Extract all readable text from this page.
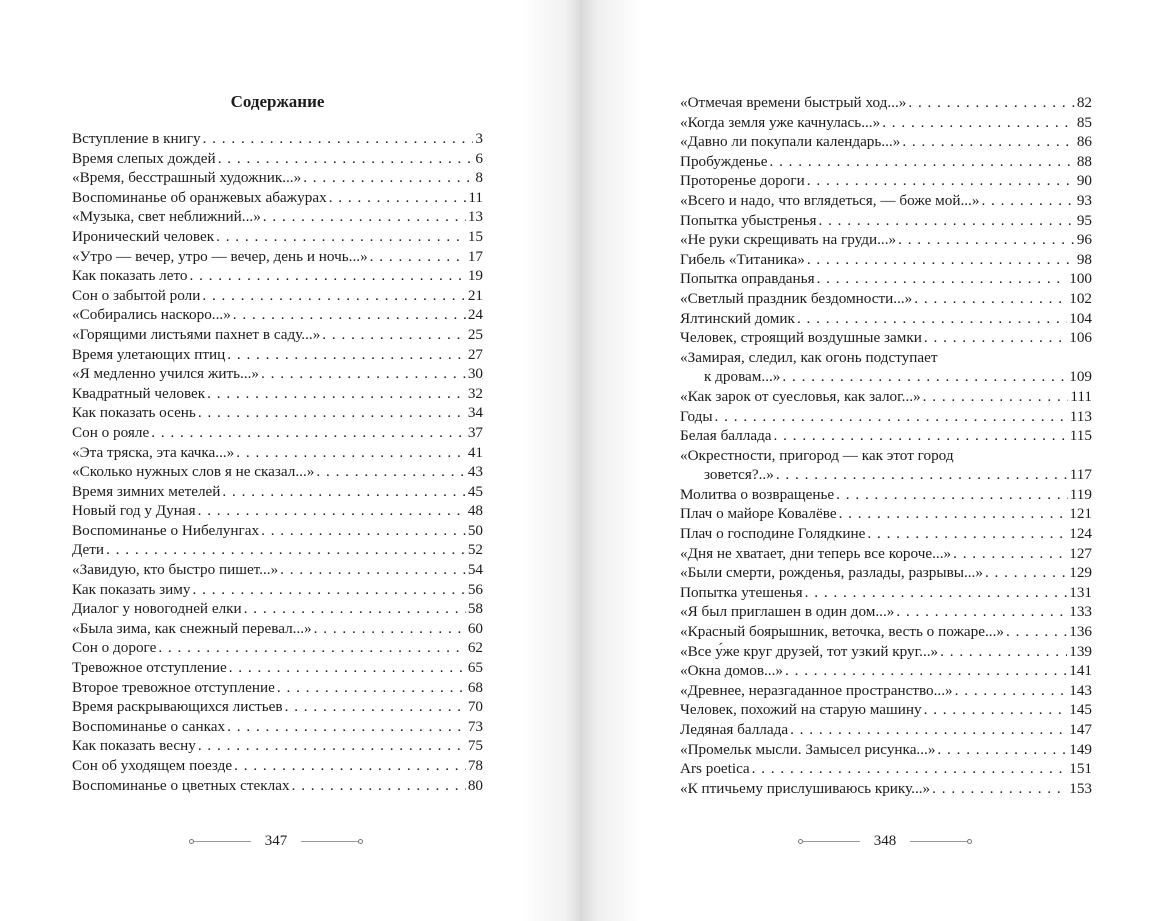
Содержание
Вступление в книгу . . .	3
Время слепых дождей . . .	6
«Время, бесстрашный художник...» . . .	8
Воспоминанье об оранжевых абажурах . . .	11
«Музыка, свет неближний...» . . .	13
Иронический человек . . .	15
«Утро — вечер, утро — вечер, день и ночь...» . . .	17
Как показать лето . . .	19
Сон о забытой роли . . .	21
«Собирались наскоро...» . . .	24
«Горящими листьями пахнет в саду...» . . .	25
Время улетающих птиц . . .	27
«Я медленно учился жить...» . . .	30
Квадратный человек . . .	32
Как показать осень . . .	34
Сон о рояле . . .	37
«Эта тряска, эта качка...» . . .	41
«Сколько нужных слов я не сказал...» . . .	43
Время зимних метелей . . .	45
Новый год у Дуная . . .	48
Воспоминанье о Нибелунгах . . .	50
Дети . . .	52
«Завидую, кто быстро пишет...» . . .	54
Как показать зиму . . .	56
Диалог у новогодней елки . . .	58
«Была зима, как снежный перевал...» . . .	60
Сон о дороге . . .	62
Тревожное отступление . . .	65
Второе тревожное отступление . . .	68
Время раскрывающихся листьев . . .	70
Воспоминанье о санках . . .	73
Как показать весну . . .	75
Сон об уходящем поезде . . .	78
Воспоминанье о цветных стеклах . . .	80
347
«Отмечая времени быстрый ход...» . . .	82
«Когда земля уже качнулась...» . . .	85
«Давно ли покупали календарь...» . . .	86
Пробужденье . . .	88
Проторенье дороги . . .	90
«Всего и надо, что вглядеться, — боже мой...» . . .	93
Попытка убыстренья . . .	95
«Не руки скрещивать на груди...» . . .	96
Гибель «Титаника» . . .	98
Попытка оправданья . . .	100
«Светлый праздник бездомности...» . . .	102
Ялтинский домик . . .	104
Человек, строящий воздушные замки . . .	106
«Замирая, следил, как огонь подступает
к дровам...» . . .	109
«Как зарок от суесловья, как залог...» . . .	111
Годы . . .	113
Белая баллада . . .	115
«Окрестности, пригород — как этот город
зовется?..» . . .	117
Молитва о возвращенье . . .	119
Плач о майоре Ковалёве . . .	121
Плач о господине Голядкине . . .	124
«Дня не хватает, дни теперь все короче...» . . .	127
«Были смерти, рожденья, разлады, разрывы...» . . .	129
Попытка утешенья . . .	131
«Я был приглашен в один дом...» . . .	133
«Красный боярышник, веточка, весть о пожаре...» . . .	136
«Все у́же круг друзей, тот узкий круг...» . . .	139
«Окна домов...» . . .	141
«Древнее, неразгаданное пространство...» . . .	143
Человек, похожий на старую машину . . .	145
Ледяная баллада . . .	147
«Промельк мысли. Замысел рисунка...» . . .	149
Ars poetica . . .	151
«К птичьему прислушиваюсь крику...» . . .	153
348
